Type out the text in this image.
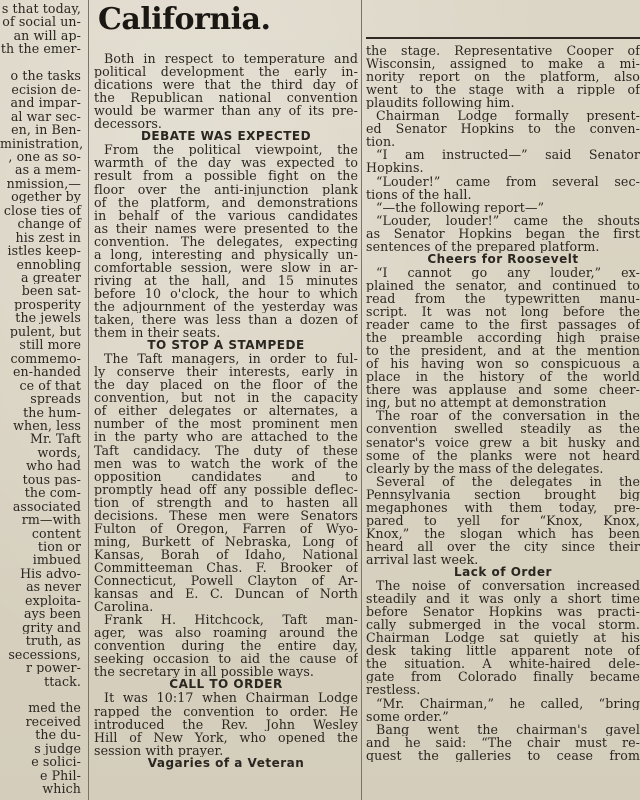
California.
s that today,
of social un-
an will ap-
th the emer-
o the tasks
ecision de-
and impar-
al war sec-
en, in Ben-
ministration,
, one as so-
as a mem-
nmission,—
ogether by
close ties of
change of
his zest in
istles keep-
ennobling
a greater
been sat-
prosperity
the jewels
pulent, but
still more
commemo-
en-handed
ce of that
spreads
the hum-
when, less
Mr. Taft
words,
who had
tous pas-
the com-
associated
rm—with
content
tion or
imbued
His advo-
as never
exploita-
ays been
grity and
truth, as
secessions,
r power-
ttack.
med the
received
the du-
s judge
e solici-
e Phil-
which
Both in respect to temperature and
political development the early in-
dications were that the third day of
the Republican national convention
would be warmer than any of its pre-
decessors.
DEBATE WAS EXPECTED
From the political viewpoint, the
warmth of the day was expected to
result from a possible fight on the
floor over the anti-injunction plank
of the platform, and demonstrations
in behalf of the various candidates
as their names were presented to the
convention. The delegates, expecting
a long, interesting and physically un-
comfortable session, were slow in ar-
riving at the hall, and 15 minutes
before 10 o'clock, the hour to which
the adjournment of the yesterday was
taken, there was less than a dozen of
them in their seats.
TO STOP A STAMPEDE
The Taft managers, in order to ful-
ly conserve their interests, early in
the day placed on the floor of the
convention, but not in the capacity
of either delegates or alternates, a
number of the most prominent men
in the party who are attached to the
Taft candidacy. The duty of these
men was to watch the work of the
opposition candidates and to
promptly head off any possible deflec-
tion of strength and to hasten all
decisions. These men were Senators
Fulton of Oregon, Farren of Wyo-
ming, Burkett of Nebraska, Long of
Kansas, Borah of Idaho, National
Committeeman Chas. F. Brooker of
Connecticut, Powell Clayton of Ar-
kansas and E. C. Duncan of North
Carolina.
Frank H. Hitchcock, Taft man-
ager, was also roaming around the
convention during the entire day,
seeking occasion to aid the cause of
the secretary in all possible ways.
CALL TO ORDER
It was 10:17 when Chairman Lodge
rapped the convention to order. He
introduced the Rev. John Wesley
Hill of New York, who opened the
session with prayer.
Vagaries of a Veteran
the stage. Representative Cooper of
Wisconsin, assigned to make a mi-
nority report on the platform, also
went to the stage with a ripple of
plaudits following him.
Chairman Lodge formally present-
ed Senator Hopkins to the conven-
tion.
“I am instructed—” said Senator
Hopkins.
“Louder!” came from several sec-
tions of the hall.
“—the following report—”
“Louder, louder!” came the shouts
as Senator Hopkins began the first
sentences of the prepared platform.
Cheers for Roosevelt
“I cannot go any louder,” ex-
plained the senator, and continued to
read from the typewritten manu-
script. It was not long before the
reader came to the first passages of
the preamble according high praise
to the president, and at the mention
of his having won so conspicuous a
place in the history of the world
there was applause and some cheer-
ing, but no attempt at demonstration
The roar of the conversation in the
convention swelled steadily as the
senator's voice grew a bit husky and
some of the planks were not heard
clearly by the mass of the delegates.
Several of the delegates in the
Pennsylvania section brought big
megaphones with them today, pre-
pared to yell for “Knox, Knox,
Knox,” the slogan which has been
heard all over the city since their
arrival last week.
Lack of Order
The noise of conversation increased
steadily and it was only a short time
before Senator Hopkins was practi-
cally submerged in the vocal storm.
Chairman Lodge sat quietly at his
desk taking little apparent note of
the situation. A white-haired dele-
gate from Colorado finally became
restless.
“Mr. Chairman,” he called, “bring
some order.”
Bang went the chairman's gavel
and he said: “The chair must re-
quest the galleries to cease from
